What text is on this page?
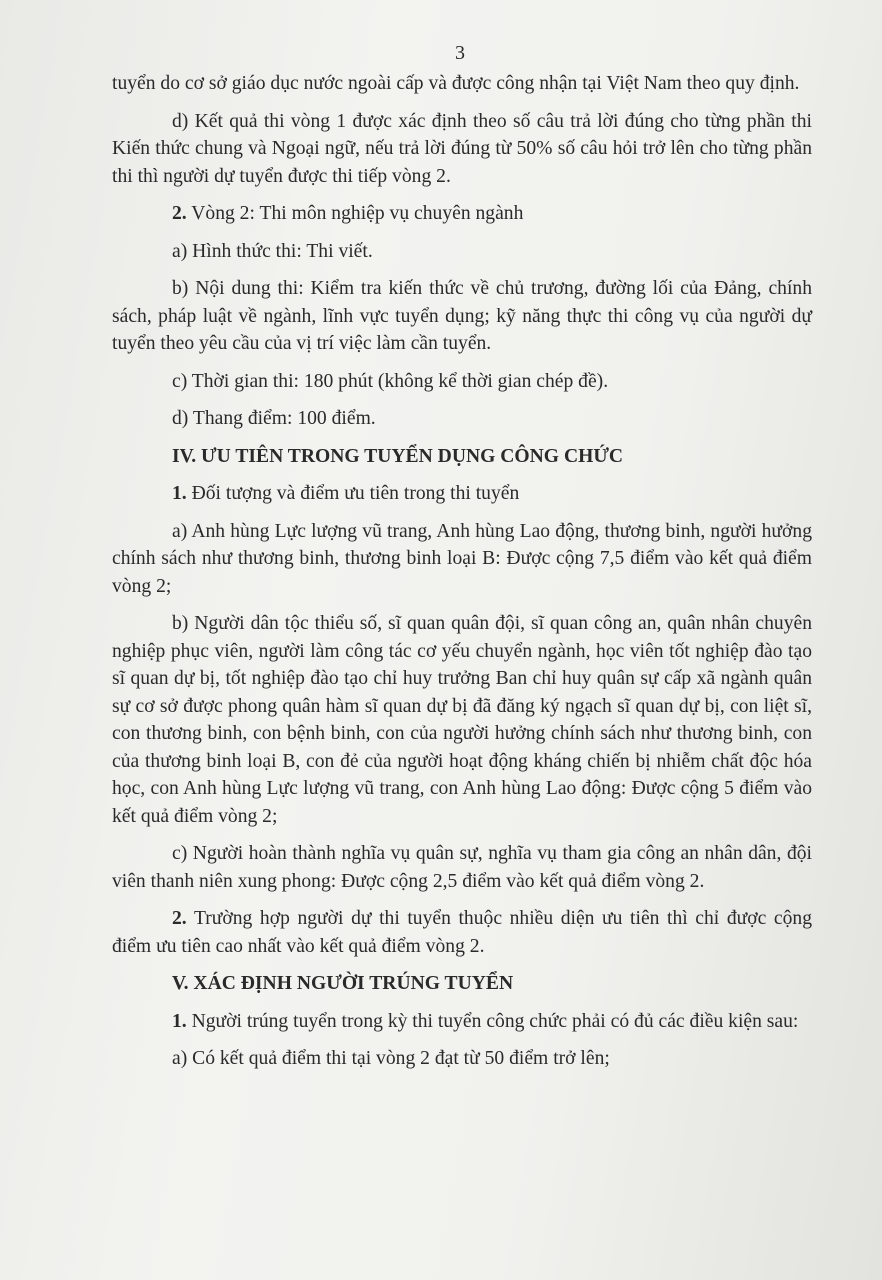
3

tuyển do cơ sở giáo dục nước ngoài cấp và được công nhận tại Việt Nam theo quy định.

d) Kết quả thi vòng 1 được xác định theo số câu trả lời đúng cho từng phần thi Kiến thức chung và Ngoại ngữ, nếu trả lời đúng từ 50% số câu hỏi trở lên cho từng phần thi thì người dự tuyển được thi tiếp vòng 2.

2. Vòng 2: Thi môn nghiệp vụ chuyên ngành

a) Hình thức thi: Thi viết.

b) Nội dung thi: Kiểm tra kiến thức về chủ trương, đường lối của Đảng, chính sách, pháp luật về ngành, lĩnh vực tuyển dụng; kỹ năng thực thi công vụ của người dự tuyển theo yêu cầu của vị trí việc làm cần tuyển.

c) Thời gian thi: 180 phút (không kể thời gian chép đề).

d) Thang điểm: 100 điểm.

IV. ƯU TIÊN TRONG TUYỂN DỤNG CÔNG CHỨC

1. Đối tượng và điểm ưu tiên trong thi tuyển

a) Anh hùng Lực lượng vũ trang, Anh hùng Lao động, thương binh, người hưởng chính sách như thương binh, thương binh loại B: Được cộng 7,5 điểm vào kết quả điểm vòng 2;

b) Người dân tộc thiểu số, sĩ quan quân đội, sĩ quan công an, quân nhân chuyên nghiệp phục viên, người làm công tác cơ yếu chuyển ngành, học viên tốt nghiệp đào tạo sĩ quan dự bị, tốt nghiệp đào tạo chỉ huy trưởng Ban chỉ huy quân sự cấp xã ngành quân sự cơ sở được phong quân hàm sĩ quan dự bị đã đăng ký ngạch sĩ quan dự bị, con liệt sĩ, con thương binh, con bệnh binh, con của người hưởng chính sách như thương binh, con của thương binh loại B, con đẻ của người hoạt động kháng chiến bị nhiễm chất độc hóa học, con Anh hùng Lực lượng vũ trang, con Anh hùng Lao động: Được cộng 5 điểm vào kết quả điểm vòng 2;

c) Người hoàn thành nghĩa vụ quân sự, nghĩa vụ tham gia công an nhân dân, đội viên thanh niên xung phong: Được cộng 2,5 điểm vào kết quả điểm vòng 2.

2. Trường hợp người dự thi tuyển thuộc nhiều diện ưu tiên thì chỉ được cộng điểm ưu tiên cao nhất vào kết quả điểm vòng 2.

V. XÁC ĐỊNH NGƯỜI TRÚNG TUYỂN

1. Người trúng tuyển trong kỳ thi tuyển công chức phải có đủ các điều kiện sau:

a) Có kết quả điểm thi tại vòng 2 đạt từ 50 điểm trở lên;
